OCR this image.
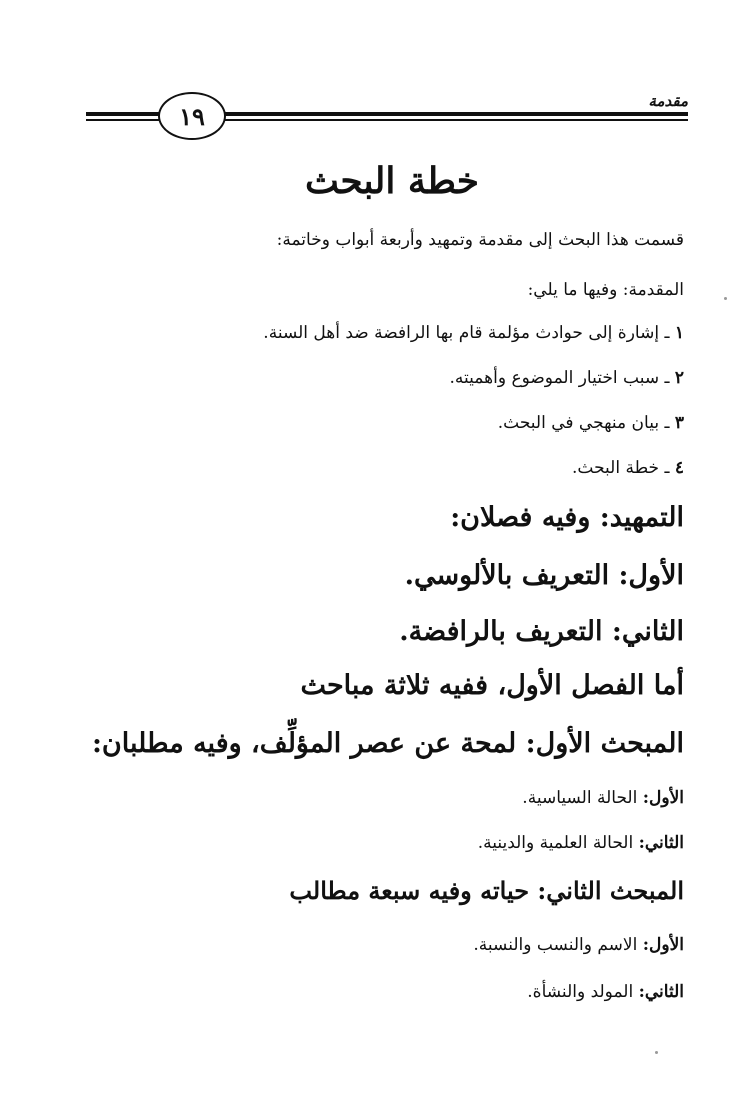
مقدمة
١٩
خطة البحث
قسمت هذا البحث إلى مقدمة وتمهيد وأربعة أبواب وخاتمة:
المقدمة: وفيها ما يلي:
١ ـ إشارة إلى حوادث مؤلمة قام بها الرافضة ضد أهل السنة.
٢ ـ سبب اختيار الموضوع وأهميته.
٣ ـ بيان منهجي في البحث.
٤ ـ خطة البحث.
التمهيد: وفيه فصلان:
الأول: التعريف بالألوسي.
الثاني: التعريف بالرافضة.
أما الفصل الأول، ففيه ثلاثة مباحث
المبحث الأول: لمحة عن عصر المؤلِّف، وفيه مطلبان:
الأول: الحالة السياسية.
الثاني: الحالة العلمية والدينية.
المبحث الثاني: حياته وفيه سبعة مطالب
الأول: الاسم والنسب والنسبة.
الثاني: المولد والنشأة.
